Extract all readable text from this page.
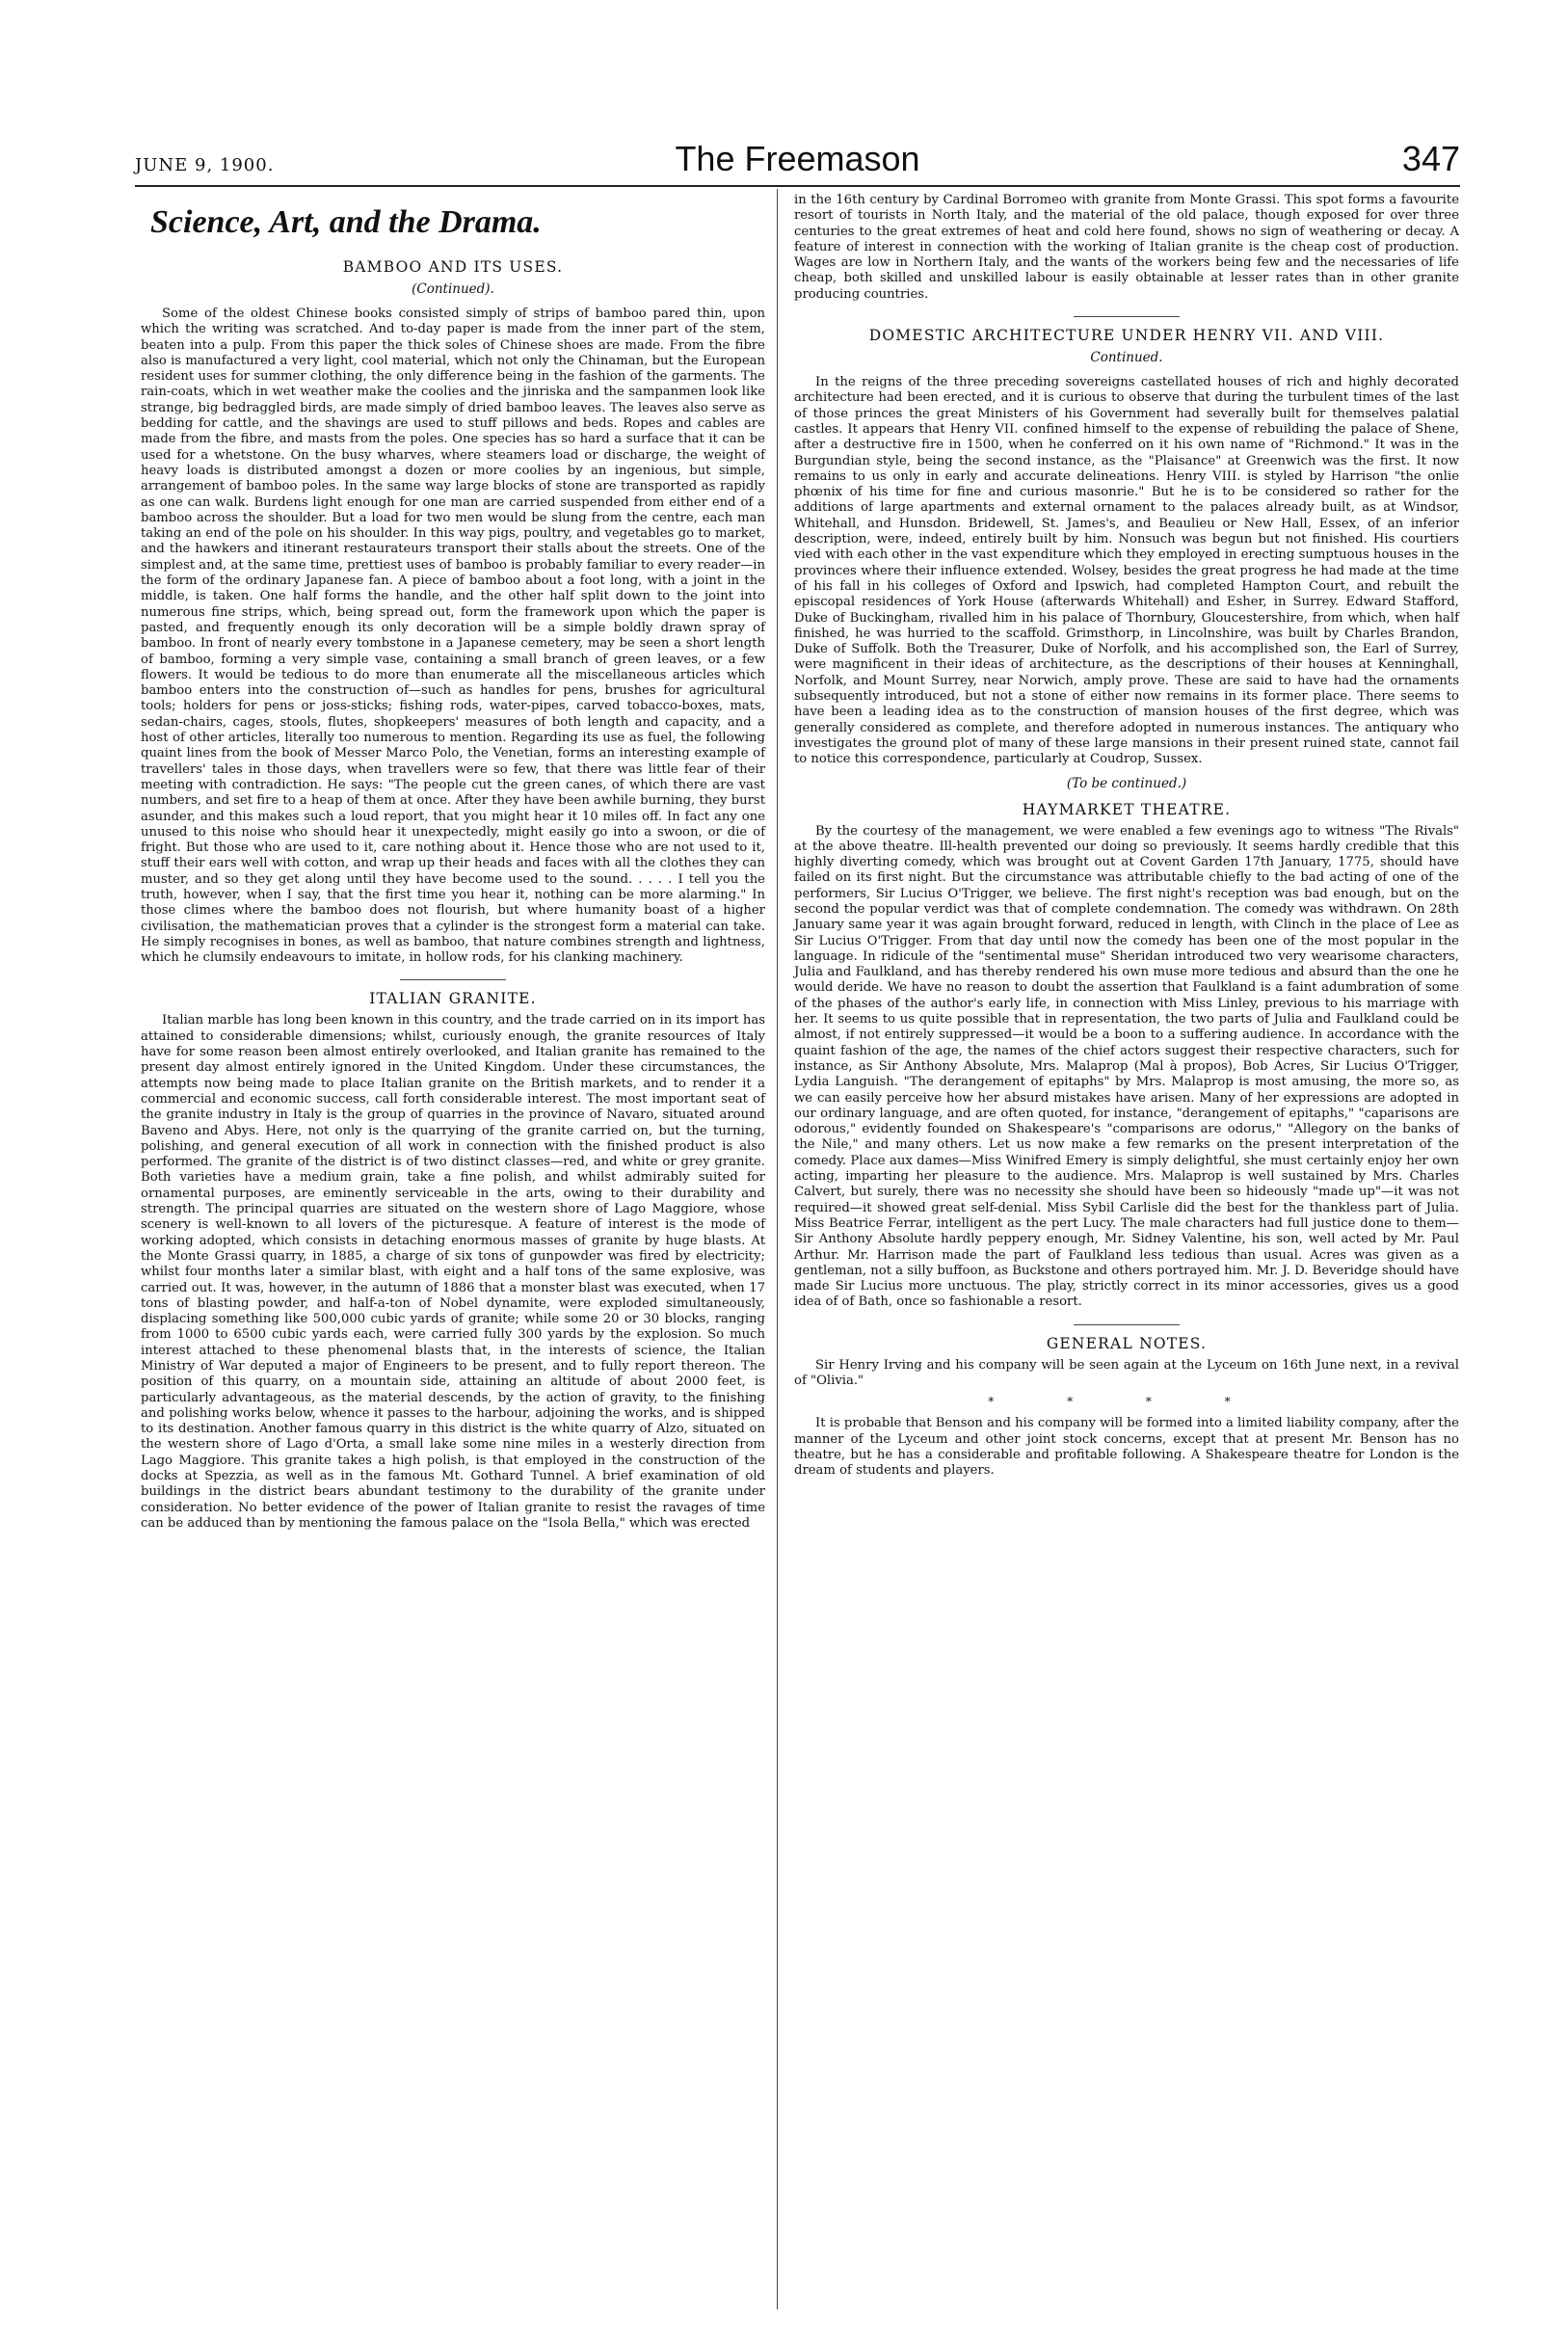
JUNE 9, 1900.	The Freemason	347
Science, Art, and the Drama.
BAMBOO AND ITS USES.
(Continued).

Some of the oldest Chinese books consisted simply of strips of bamboo pared thin, upon which the writing was scratched. And to-day paper is made from the inner part of the stem, beaten into a pulp. From this paper the thick soles of Chinese shoes are made. From the fibre also is manufactured a very light, cool material, which not only the Chinaman, but the European resident uses for summer clothing, the only difference being in the fashion of the garments. The rain-coats, which in wet weather make the coolies and the jinriska and the sampanmen look like strange, big bedraggled birds, are made simply of dried bamboo leaves. The leaves also serve as bedding for cattle, and the shavings are used to stuff pillows and beds. Ropes and cables are made from the fibre, and masts from the poles. One species has so hard a surface that it can be used for a whetstone. On the busy wharves, where steamers load or discharge, the weight of heavy loads is distributed amongst a dozen or more coolies by an ingenious, but simple, arrangement of bamboo poles. In the same way large blocks of stone are transported as rapidly as one can walk. Burdens light enough for one man are carried suspended from either end of a bamboo across the shoulder. But a load for two men would be slung from the centre, each man taking an end of the pole on his shoulder. In this way pigs, poultry, and vegetables go to market, and the hawkers and itinerant restaurateurs transport their stalls about the streets. One of the simplest and, at the same time, prettiest uses of bamboo is probably familiar to every reader—in the form of the ordinary Japanese fan. A piece of bamboo about a foot long, with a joint in the middle, is taken. One half forms the handle, and the other half split down to the joint into numerous fine strips, which, being spread out, form the framework upon which the paper is pasted, and frequently enough its only decoration will be a simple boldly drawn spray of bamboo. In front of nearly every tombstone in a Japanese cemetery, may be seen a short length of bamboo, forming a very simple vase, containing a small branch of green leaves, or a few flowers. It would be tedious to do more than enumerate all the miscellaneous articles which bamboo enters into the construction of—such as handles for pens, brushes for agricultural tools; holders for pens or joss-sticks; fishing rods, water-pipes, carved tobacco-boxes, mats, sedan-chairs, cages, stools, flutes, shopkeepers' measures of both length and capacity, and a host of other articles, literally too numerous to mention. Regarding its use as fuel, the following quaint lines from the book of Messer Marco Polo, the Venetian, forms an interesting example of travellers' tales in those days, when travellers were so few, that there was little fear of their meeting with contradiction. He says: "The people cut the green canes, of which there are vast numbers, and set fire to a heap of them at once. After they have been awhile burning, they burst asunder, and this makes such a loud report, that you might hear it 10 miles off. In fact any one unused to this noise who should hear it unexpectedly, might easily go into a swoon, or die of fright. But those who are used to it, care nothing about it. Hence those who are not used to it, stuff their ears well with cotton, and wrap up their heads and faces with all the clothes they can muster, and so they get along until they have become used to the sound. . . . . I tell you the truth, however, when I say, that the first time you hear it, nothing can be more alarming." In those climes where the bamboo does not flourish, but where humanity boast of a higher civilisation, the mathematician proves that a cylinder is the strongest form a material can take. He simply recognises in bones, as well as bamboo, that nature combines strength and lightness, which he clumsily endeavours to imitate, in hollow rods, for his clanking machinery.

ITALIAN GRANITE.

Italian marble has long been known in this country, and the trade carried on in its import has attained to considerable dimensions; whilst, curiously enough, the granite resources of Italy have for some reason been almost entirely overlooked, and Italian granite has remained to the present day almost entirely ignored in the United Kingdom. Under these circumstances, the attempts now being made to place Italian granite on the British markets, and to render it a commercial and economic success, call forth considerable interest. The most important seat of the granite industry in Italy is the group of quarries in the province of Navaro, situated around Baveno and Abys. Here, not only is the quarrying of the granite carried on, but the turning, polishing, and general execution of all work in connection with the finished product is also performed. The granite of the district is of two distinct classes—red, and white or grey granite. Both varieties have a medium grain, take a fine polish, and whilst admirably suited for ornamental purposes, are eminently serviceable in the arts, owing to their durability and strength. The principal quarries are situated on the western shore of Lago Maggiore, whose scenery is well-known to all lovers of the picturesque. A feature of interest is the mode of working adopted, which consists in detaching enormous masses of granite by huge blasts. At the Monte Grassi quarry, in 1885, a charge of six tons of gunpowder was fired by electricity; whilst four months later a similar blast, with eight and a half tons of the same explosive, was carried out. It was, however, in the autumn of 1886 that a monster blast was executed, when 17 tons of blasting powder, and half-a-ton of Nobel dynamite, were exploded simultaneously, displacing something like 500,000 cubic yards of granite; while some 20 or 30 blocks, ranging from 1000 to 6500 cubic yards each, were carried fully 300 yards by the explosion. So much interest attached to these phenomenal blasts that, in the interests of science, the Italian Ministry of War deputed a major of Engineers to be present, and to fully report thereon. The position of this quarry, on a mountain side, attaining an altitude of about 2000 feet, is particularly advantageous, as the material descends, by the action of gravity, to the finishing and polishing works below, whence it passes to the harbour, adjoining the works, and is shipped to its destination. Another famous quarry in this district is the white quarry of Alzo, situated on the western shore of Lago d'Orta, a small lake some nine miles in a westerly direction from Lago Maggiore. This granite takes a high polish, is that employed in the construction of the docks at Spezzia, as well as in the famous Mt. Gothard Tunnel. A brief examination of old buildings in the district bears abundant testimony to the durability of the granite under consideration. No better evidence of the power of Italian granite to resist the ravages of time can be adduced than by mentioning the famous palace on the "Isola Bella," which was erected

in the 16th century by Cardinal Borromeo with granite from Monte Grassi. This spot forms a favourite resort of tourists in North Italy, and the material of the old palace, though exposed for over three centuries to the great extremes of heat and cold here found, shows no sign of weathering or decay. A feature of interest in connection with the working of Italian granite is the cheap cost of production. Wages are low in Northern Italy, and the wants of the workers being few and the necessaries of life cheap, both skilled and unskilled labour is easily obtainable at lesser rates than in other granite producing countries.

DOMESTIC ARCHITECTURE UNDER HENRY VII. AND VIII.
Continued.

In the reigns of the three preceding sovereigns castellated houses of rich and highly decorated architecture had been erected, and it is curious to observe that during the turbulent times of the last of those princes the great Ministers of his Government had severally built for themselves palatial castles. It appears that Henry VII. confined himself to the expense of rebuilding the palace of Shene, after a destructive fire in 1500, when he conferred on it his own name of "Richmond." It was in the Burgundian style, being the second instance, as the "Plaisance" at Greenwich was the first. It now remains to us only in early and accurate delineations. Henry VIII. is styled by Harrison "the onlie phœnix of his time for fine and curious masonrie." But he is to be considered so rather for the additions of large apartments and external ornament to the palaces already built, as at Windsor, Whitehall, and Hunsdon. Bridewell, St. James's, and Beaulieu or New Hall, Essex, of an inferior description, were, indeed, entirely built by him. Nonsuch was begun but not finished. His courtiers vied with each other in the vast expenditure which they employed in erecting sumptuous houses in the provinces where their influence extended. Wolsey, besides the great progress he had made at the time of his fall in his colleges of Oxford and Ipswich, had completed Hampton Court, and rebuilt the episcopal residences of York House (afterwards Whitehall) and Esher, in Surrey. Edward Stafford, Duke of Buckingham, rivalled him in his palace of Thornbury, Gloucestershire, from which, when half finished, he was hurried to the scaffold. Grimsthorp, in Lincolnshire, was built by Charles Brandon, Duke of Suffolk. Both the Treasurer, Duke of Norfolk, and his accomplished son, the Earl of Surrey, were magnificent in their ideas of architecture, as the descriptions of their houses at Kenninghall, Norfolk, and Mount Surrey, near Norwich, amply prove. These are said to have had the ornaments subsequently introduced, but not a stone of either now remains in its former place. There seems to have been a leading idea as to the construction of mansion houses of the first degree, which was generally considered as complete, and therefore adopted in numerous instances. The antiquary who investigates the ground plot of many of these large mansions in their present ruined state, cannot fail to notice this correspondence, particularly at Coudrop, Sussex.

(To be continued.)
HAYMARKET THEATRE.

By the courtesy of the management, we were enabled a few evenings ago to witness "The Rivals" at the above theatre. Ill-health prevented our doing so previously. It seems hardly credible that this highly diverting comedy, which was brought out at Covent Garden 17th January, 1775, should have failed on its first night. But the circumstance was attributable chiefly to the bad acting of one of the performers, Sir Lucius O'Trigger, we believe. The first night's reception was bad enough, but on the second the popular verdict was that of complete condemnation. The comedy was withdrawn. On 28th January same year it was again brought forward, reduced in length, with Clinch in the place of Lee as Sir Lucius O'Trigger. From that day until now the comedy has been one of the most popular in the language. In ridicule of the "sentimental muse" Sheridan introduced two very wearisome characters, Julia and Faulkland, and has thereby rendered his own muse more tedious and absurd than the one he would deride. We have no reason to doubt the assertion that Faulkland is a faint adumbration of some of the phases of the author's early life, in connection with Miss Linley, previous to his marriage with her. It seems to us quite possible that in representation, the two parts of Julia and Faulkland could be almost, if not entirely suppressed—it would be a boon to a suffering audience. In accordance with the quaint fashion of the age, the names of the chief actors suggest their respective characters, such for instance, as Sir Anthony Absolute, Mrs. Malaprop (Mal à propos), Bob Acres, Sir Lucius O'Trigger, Lydia Languish. "The derangement of epitaphs" by Mrs. Malaprop is most amusing, the more so, as we can easily perceive how her absurd mistakes have arisen. Many of her expressions are adopted in our ordinary language, and are often quoted, for instance, "derangement of epitaphs," "caparisons are odorous," evidently founded on Shakespeare's "comparisons are odorus," "Allegory on the banks of the Nile," and many others. Let us now make a few remarks on the present interpretation of the comedy. Place aux dames—Miss Winifred Emery is simply delightful, she must certainly enjoy her own acting, imparting her pleasure to the audience. Mrs. Malaprop is well sustained by Mrs. Charles Calvert, but surely, there was no necessity she should have been so hideously "made up"—it was not required—it showed great self-denial. Miss Sybil Carlisle did the best for the thankless part of Julia. Miss Beatrice Ferrar, intelligent as the pert Lucy. The male characters had full justice done to them—Sir Anthony Absolute hardly peppery enough, Mr. Sidney Valentine, his son, well acted by Mr. Paul Arthur. Mr. Harrison made the part of Faulkland less tedious than usual. Acres was given as a gentleman, not a silly buffoon, as Buckstone and others portrayed him. Mr. J. D. Beveridge should have made Sir Lucius more unctuous. The play, strictly correct in its minor accessories, gives us a good idea of of Bath, once so fashionable a resort.

GENERAL NOTES.

Sir Henry Irving and his company will be seen again at the Lyceum on 16th June next, in a revival of "Olivia."

* * * *

It is probable that Benson and his company will be formed into a limited liability company, after the manner of the Lyceum and other joint stock concerns, except that at present Mr. Benson has no theatre, but he has a considerable and profitable following. A Shakespeare theatre for London is the dream of students and players.
